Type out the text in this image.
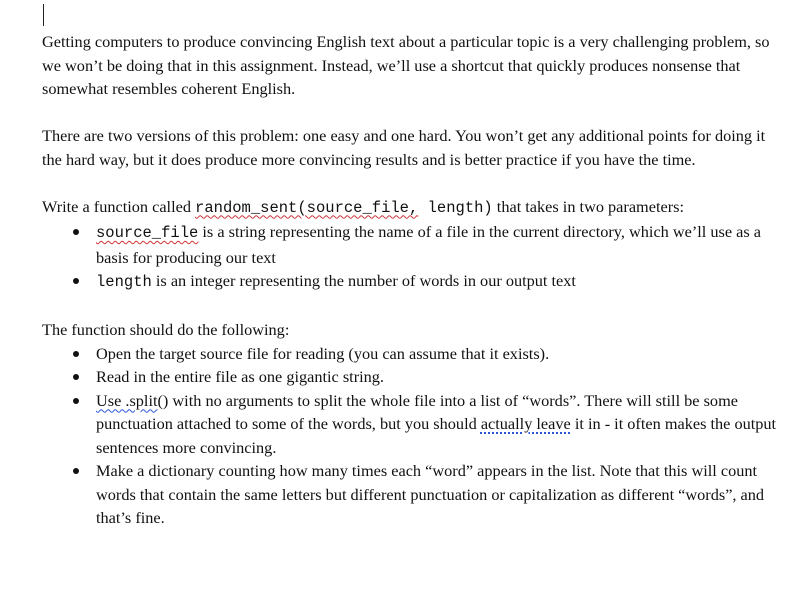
Getting computers to produce convincing English text about a particular topic is a very challenging problem, so we won’t be doing that in this assignment. Instead, we’ll use a shortcut that quickly produces nonsense that somewhat resembles coherent English.

There are two versions of this problem: one easy and one hard. You won’t get any additional points for doing it the hard way, but it does produce more convincing results and is better practice if you have the time.

Write a function called random_sent(source_file, length) that takes in two parameters:

source_file is a string representing the name of a file in the current directory, which we’ll use as a basis for producing our text
length is an integer representing the number of words in our output text

The function should do the following:

Open the target source file for reading (you can assume that it exists).
Read in the entire file as one gigantic string.
Use .split() with no arguments to split the whole file into a list of “words”. There will still be some punctuation attached to some of the words, but you should actually leave it in - it often makes the output sentences more convincing.
Make a dictionary counting how many times each “word” appears in the list. Note that this will count words that contain the same letters but different punctuation or capitalization as different “words”, and that’s fine.
